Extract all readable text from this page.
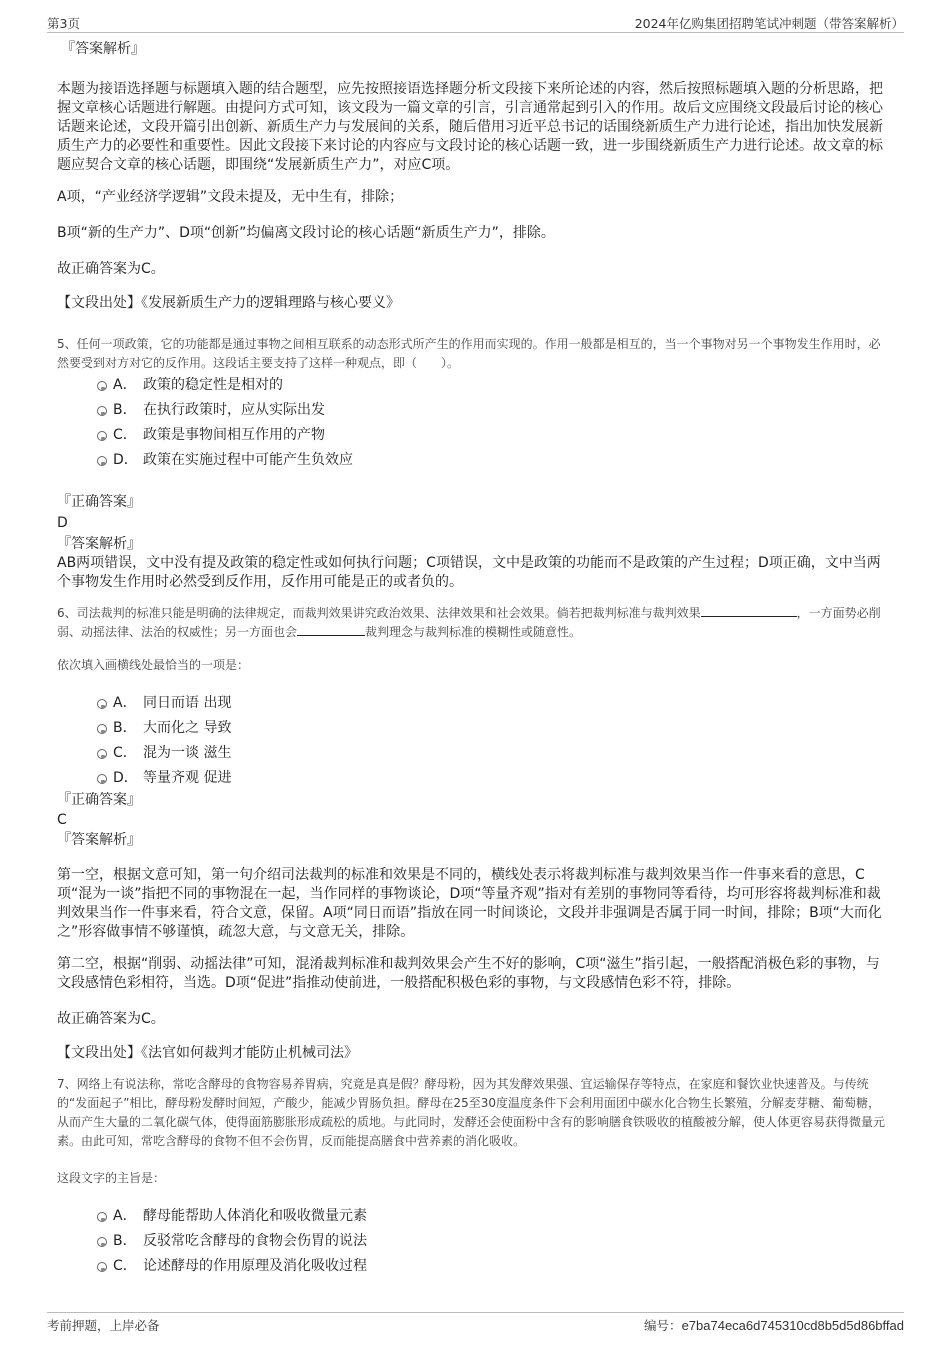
第3页	2024年亿购集团招聘笔试冲刺题（带答案解析）
『答案解析』
本题为接语选择题与标题填入题的结合题型，应先按照接语选择题分析文段接下来所论述的内容，然后按照标题填入题的分析思路，把握文章核心话题进行解题。由提问方式可知，该文段为一篇文章的引言，引言通常起到引入的作用。故后文应围绕文段最后讨论的核心话题来论述，文段开篇引出创新、新质生产力与发展间的关系，随后借用习近平总书记的话围绕新质生产力进行论述，指出加快发展新质生产力的必要性和重要性。因此文段接下来讨论的内容应与文段讨论的核心话题一致，进一步围绕新质生产力进行论述。故文章的标题应契合文章的核心话题，即围绕“发展新质生产力”，对应C项。
A项，“产业经济学逻辑”文段未提及，无中生有，排除；
B项“新的生产力”、D项“创新”均偏离文段讨论的核心话题“新质生产力”，排除。
故正确答案为C。
【文段出处】《发展新质生产力的逻辑理路与核心要义》
5、任何一项政策，它的功能都是通过事物之间相互联系的动态形式所产生的作用而实现的。作用一般都是相互的，当一个事物对另一个事物发生作用时，必然要受到对方对它的反作用。这段话主要支持了这样一种观点，即（　　）。
A． 政策的稳定性是相对的
B． 在执行政策时，应从实际出发
C． 政策是事物间相互作用的产物
D． 政策在实施过程中可能产生负效应
『正确答案』
D
『答案解析』
AB两项错误，文中没有提及政策的稳定性或如何执行问题；C项错误，文中是政策的功能而不是政策的产生过程；D项正确，文中当两个事物发生作用时必然受到反作用，反作用可能是正的或者负的。
6、司法裁判的标准只能是明确的法律规定，而裁判效果讲究政治效果、法律效果和社会效果。倘若把裁判标准与裁判效果	，一方面势必削弱、动摇法律、法治的权威性；另一方面也会	裁判理念与裁判标准的模糊性或随意性。
依次填入画横线处最恰当的一项是：
A． 同日而语 出现
B． 大而化之 导致
C． 混为一谈 滋生
D． 等量齐观 促进
『正确答案』
C
『答案解析』
第一空，根据文意可知，第一句介绍司法裁判的标准和效果是不同的，横线处表示将裁判标准与裁判效果当作一件事来看的意思，C项“混为一谈”指把不同的事物混在一起，当作同样的事物谈论，D项“等量齐观”指对有差别的事物同等看待，均可形容将裁判标准和裁判效果当作一件事来看，符合文意，保留。A项“同日而语”指放在同一时间谈论，文段并非强调是否属于同一时间，排除；B项“大而化之”形容做事情不够谨慎，疏忽大意，与文意无关，排除。
第二空，根据“削弱、动摇法律”可知，混淆裁判标准和裁判效果会产生不好的影响，C项“滋生”指引起，一般搭配消极色彩的事物，与文段感情色彩相符，当选。D项“促进”指推动使前进，一般搭配积极色彩的事物，与文段感情色彩不符，排除。
故正确答案为C。
【文段出处】《法官如何裁判才能防止机械司法》
7、网络上有说法称，常吃含酵母的食物容易养胃病，究竟是真是假？酵母粉，因为其发酵效果强、宜运输保存等特点，在家庭和餐饮业快速普及。与传统的“发面起子”相比，酵母粉发酵时间短，产酸少，能减少胃肠负担。酵母在25至30度温度条件下会利用面团中碳水化合物生长繁殖，分解麦芽糖、葡萄糖，从而产生大量的二氧化碳气体，使得面筋膨胀形成疏松的质地。与此同时，发酵还会使面粉中含有的影响膳食铁吸收的植酸被分解，使人体更容易获得微量元素。由此可知，常吃含酵母的食物不但不会伤胃，反而能提高膳食中营养素的消化吸收。
这段文字的主旨是：
A． 酵母能帮助人体消化和吸收微量元素
B． 反驳常吃含酵母的食物会伤胃的说法
C． 论述酵母的作用原理及消化吸收过程
考前押题，上岸必备	编号：e7ba74eca6d745310cd8b5d5d86bffad
